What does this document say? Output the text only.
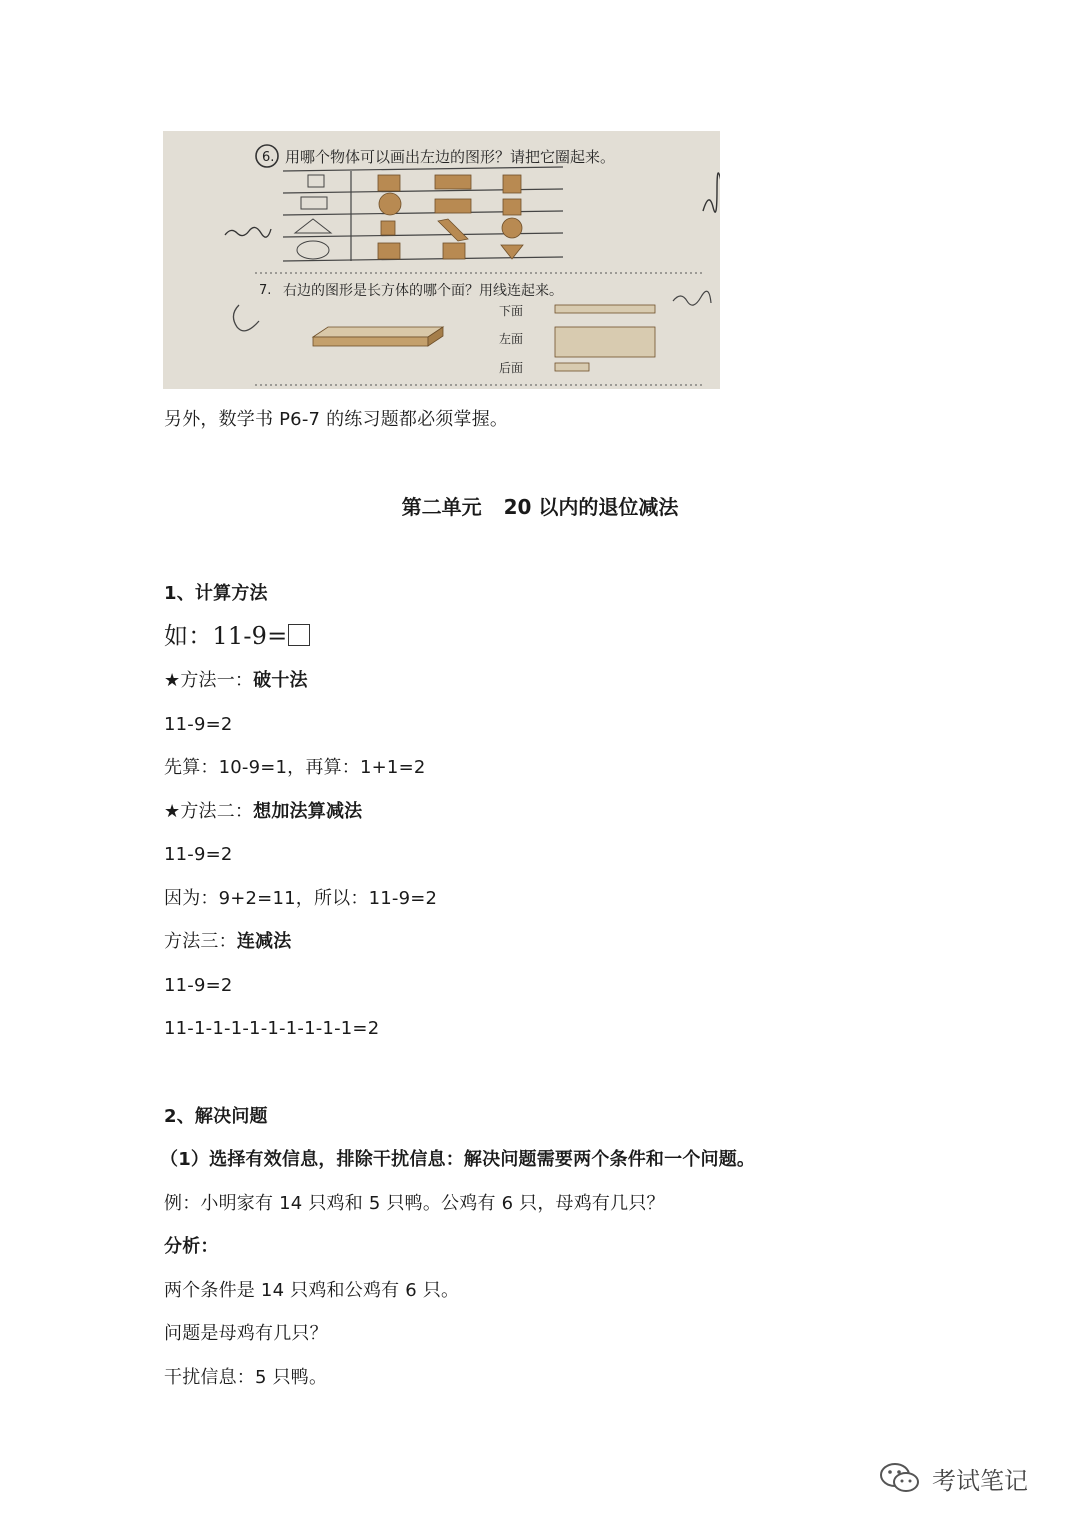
6. 用哪个物体可以画出左边的图形？请把它圈起来。
7. 右边的图形是长方体的哪个面？用线连起来。
下面
左面
后面
另外，数学书 P6-7 的练习题都必须掌握。
第二单元 20 以内的退位减法
1、计算方法
如：11-9=
★方法一：破十法
11-9=2
先算：10-9=1，再算：1+1=2
★方法二：想加法算减法
11-9=2
因为：9+2=11，所以：11-9=2
方法三：连减法
11-9=2
11-1-1-1-1-1-1-1-1-1=2
2、解决问题
（1）选择有效信息，排除干扰信息：解决问题需要两个条件和一个问题。
例：小明家有 14 只鸡和 5 只鸭。公鸡有 6 只，母鸡有几只？
分析：
两个条件是 14 只鸡和公鸡有 6 只。
问题是母鸡有几只？
干扰信息：5 只鸭。
考试笔记
